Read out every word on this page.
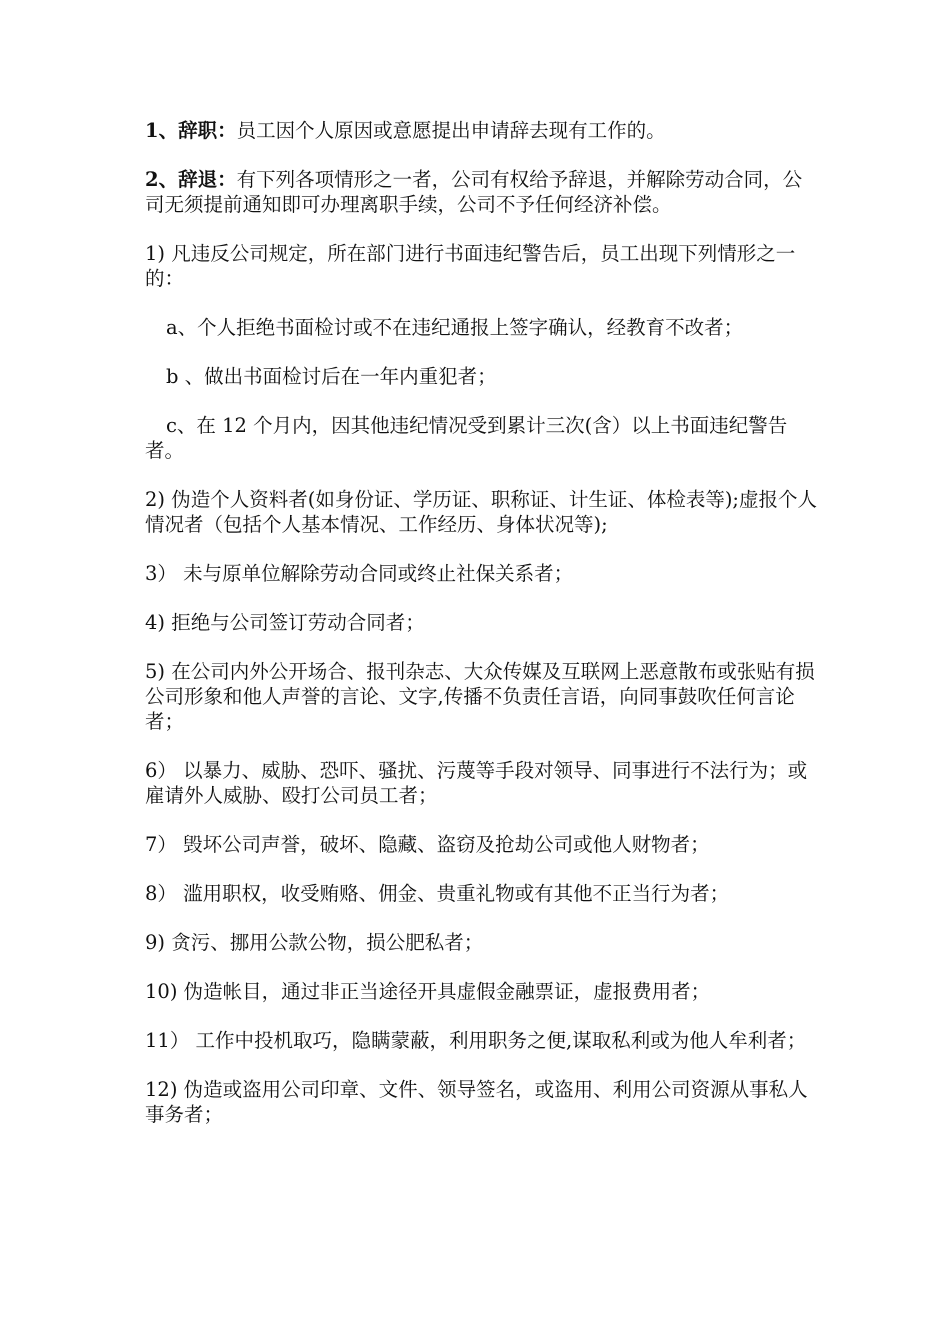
1、辞职：员工因个人原因或意愿提出申请辞去现有工作的。

2、辞退：有下列各项情形之一者，公司有权给予辞退，并解除劳动合同，公司无须提前通知即可办理离职手续，公司不予任何经济补偿。

1) 凡违反公司规定，所在部门进行书面违纪警告后，员工出现下列情形之一的：

a、个人拒绝书面检讨或不在违纪通报上签字确认，经教育不改者；

b 、做出书面检讨后在一年内重犯者；

c、在 12 个月内，因其他违纪情况受到累计三次(含）以上书面违纪警告者。

2) 伪造个人资料者(如身份证、学历证、职称证、计生证、体检表等);虚报个人情况者（包括个人基本情况、工作经历、身体状况等);

3） 未与原单位解除劳动合同或终止社保关系者；

4) 拒绝与公司签订劳动合同者；

5) 在公司内外公开场合、报刊杂志、大众传媒及互联网上恶意散布或张贴有损公司形象和他人声誉的言论、文字,传播不负责任言语，向同事鼓吹任何言论者；

6） 以暴力、威胁、恐吓、骚扰、污蔑等手段对领导、同事进行不法行为；或雇请外人威胁、殴打公司员工者；

7） 毁坏公司声誉，破坏、隐藏、盗窃及抢劫公司或他人财物者；

8） 滥用职权，收受贿赂、佣金、贵重礼物或有其他不正当行为者；

9) 贪污、挪用公款公物，损公肥私者；

10) 伪造帐目，通过非正当途径开具虚假金融票证，虚报费用者；

11） 工作中投机取巧，隐瞒蒙蔽，利用职务之便,谋取私利或为他人牟利者；

12) 伪造或盗用公司印章、文件、领导签名，或盗用、利用公司资源从事私人事务者；
